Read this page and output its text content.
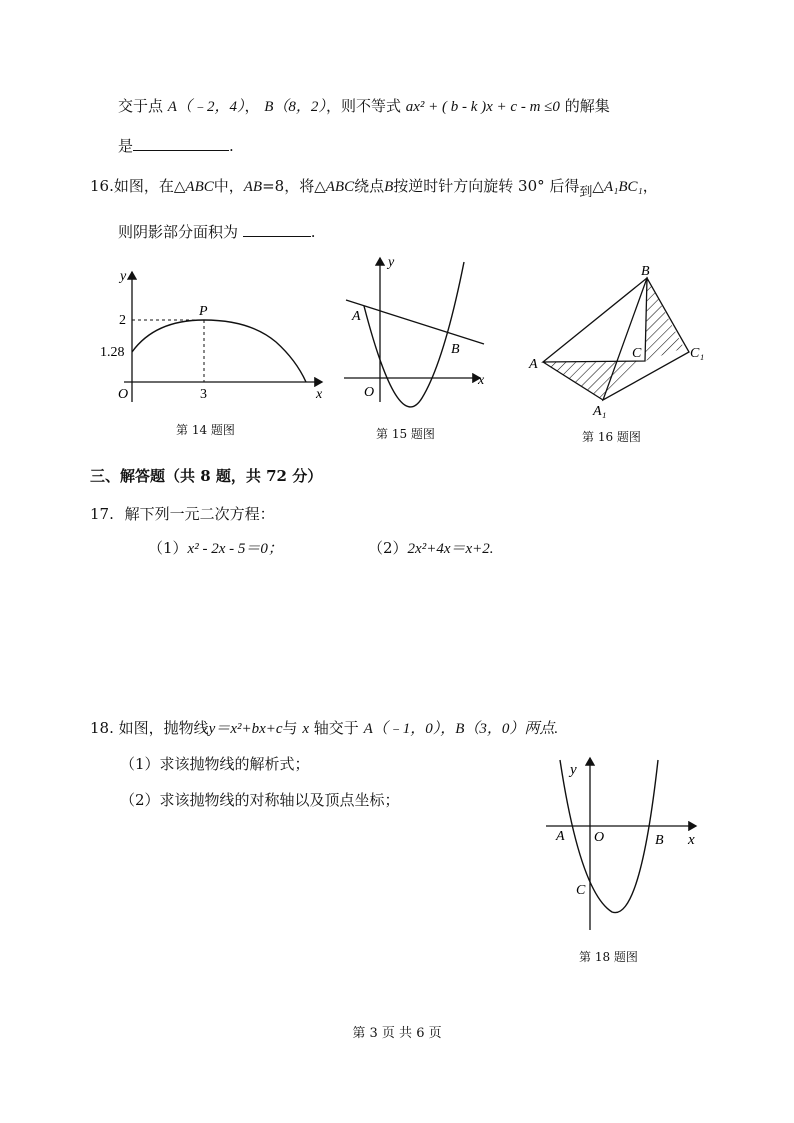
交于点 A（﹣2，4）， B（8，2），则不等式 ax² + ( b - k )x + c - m ≤0 的解集
是	.
16.如图，在△ABC中，AB=8，将△ABC绕点B按逆时针方向旋转 30° 后得到△A₁BC₁，
则阴影部分面积为	.
y
x
O
P
2
1.28
3
第 14 题图
y
x
O
A
B
第 15 题图
B
A
C	C₁
A₁
第 16 题图
三、解答题（共 8 题，共 72 分）
17. 解下列一元二次方程：
（1）x² - 2x - 5＝0；	（2）2x²+4x＝x+2.
18. 如图，抛物线y＝x²+bx+c与 x 轴交于 A（﹣1，0），B（3，0）两点.
（1）求该抛物线的解析式；
（2）求该抛物线的对称轴以及顶点坐标；
y
x
O
A	B
C
第 18 题图
第 3 页 共 6 页
